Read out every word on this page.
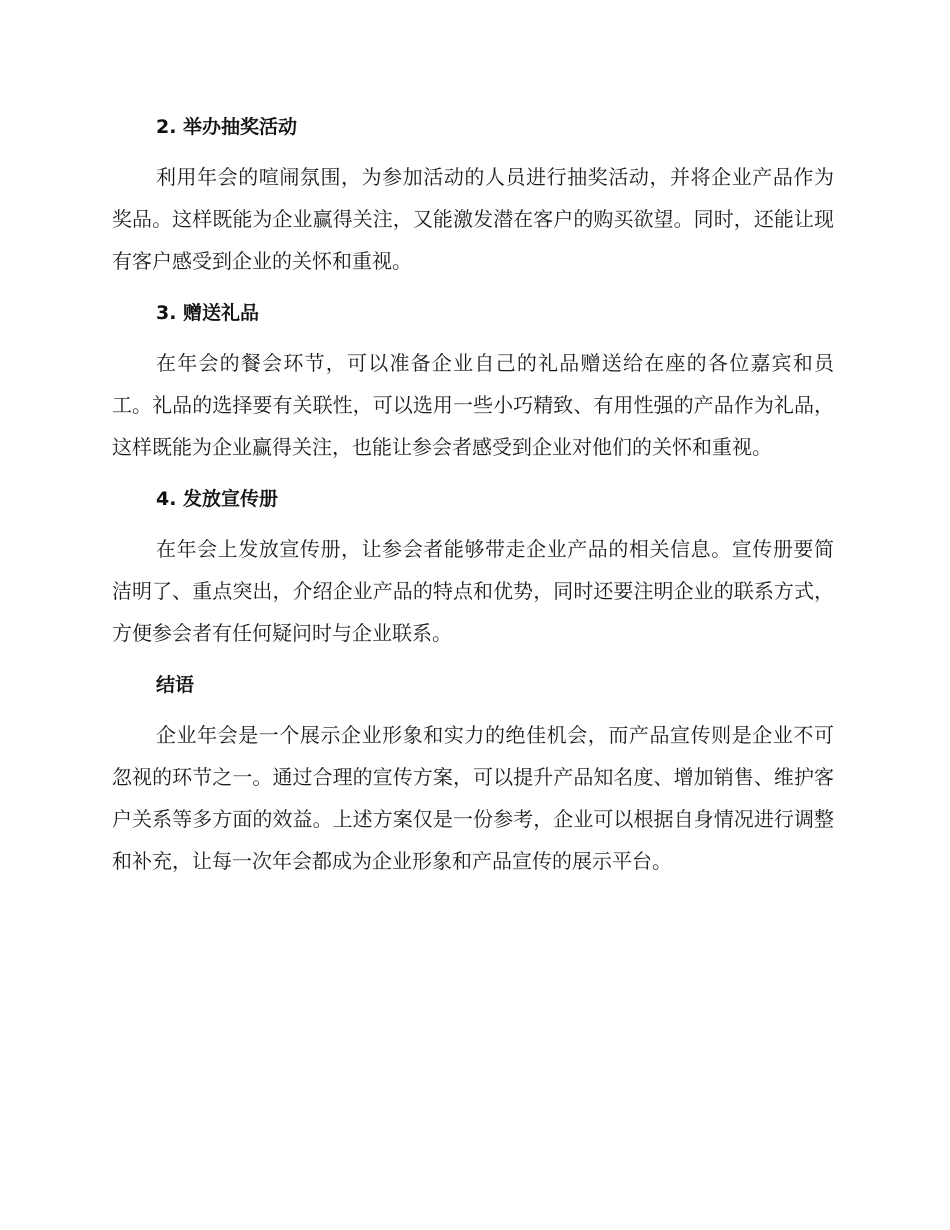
2. 举办抽奖活动

利用年会的喧闹氛围，为参加活动的人员进行抽奖活动，并将企业产品作为奖品。这样既能为企业赢得关注，又能激发潜在客户的购买欲望。同时，还能让现有客户感受到企业的关怀和重视。

3. 赠送礼品

在年会的餐会环节，可以准备企业自己的礼品赠送给在座的各位嘉宾和员工。礼品的选择要有关联性，可以选用一些小巧精致、有用性强的产品作为礼品，这样既能为企业赢得关注，也能让参会者感受到企业对他们的关怀和重视。

4. 发放宣传册

在年会上发放宣传册，让参会者能够带走企业产品的相关信息。宣传册要简洁明了、重点突出，介绍企业产品的特点和优势，同时还要注明企业的联系方式，方便参会者有任何疑问时与企业联系。

结语

企业年会是一个展示企业形象和实力的绝佳机会，而产品宣传则是企业不可忽视的环节之一。通过合理的宣传方案，可以提升产品知名度、增加销售、维护客户关系等多方面的效益。上述方案仅是一份参考，企业可以根据自身情况进行调整和补充，让每一次年会都成为企业形象和产品宣传的展示平台。
